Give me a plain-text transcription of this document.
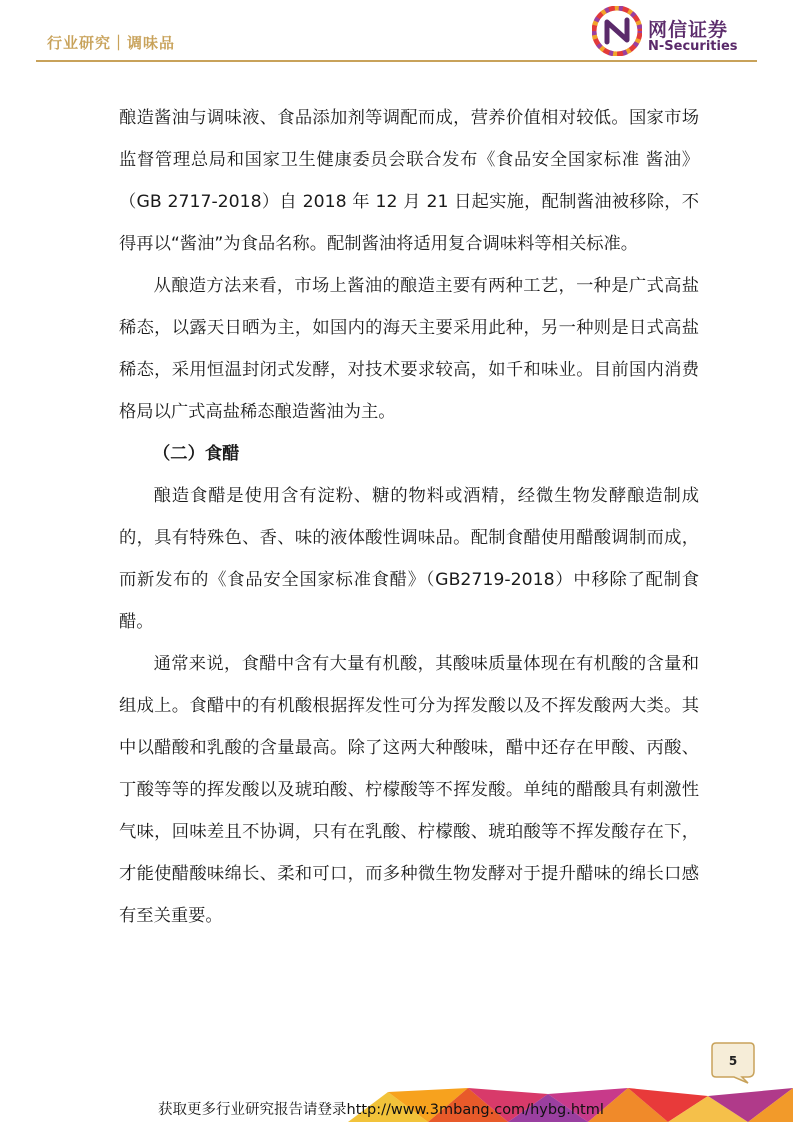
行业研究｜调味品
网信证券
N-Securities

酿造酱油与调味液、食品添加剂等调配而成，营养价值相对较低。国家市场监督管理总局和国家卫生健康委员会联合发布《食品安全国家标准 酱油》（GB 2717-2018）自 2018 年 12 月 21 日起实施，配制酱油被移除，不得再以“酱油”为食品名称。配制酱油将适用复合调味料等相关标准。

从酿造方法来看，市场上酱油的酿造主要有两种工艺，一种是广式高盐稀态，以露天日晒为主，如国内的海天主要采用此种，另一种则是日式高盐稀态，采用恒温封闭式发酵，对技术要求较高，如千和味业。目前国内消费格局以广式高盐稀态酿造酱油为主。

（二）食醋

酿造食醋是使用含有淀粉、糖的物料或酒精，经微生物发酵酿造制成的，具有特殊色、香、味的液体酸性调味品。配制食醋使用醋酸调制而成，而新发布的《食品安全国家标准食醋》（GB2719-2018）中移除了配制食醋。

通常来说，食醋中含有大量有机酸，其酸味质量体现在有机酸的含量和组成上。食醋中的有机酸根据挥发性可分为挥发酸以及不挥发酸两大类。其中以醋酸和乳酸的含量最高。除了这两大种酸味，醋中还存在甲酸、丙酸、丁酸等等的挥发酸以及琥珀酸、柠檬酸等不挥发酸。单纯的醋酸具有刺激性气味，回味差且不协调，只有在乳酸、柠檬酸、琥珀酸等不挥发酸存在下，才能使醋酸味绵长、柔和可口，而多种微生物发酵对于提升醋味的绵长口感有至关重要。

5
获取更多行业研究报告请登录http://www.3mbang.com/hybg.html
